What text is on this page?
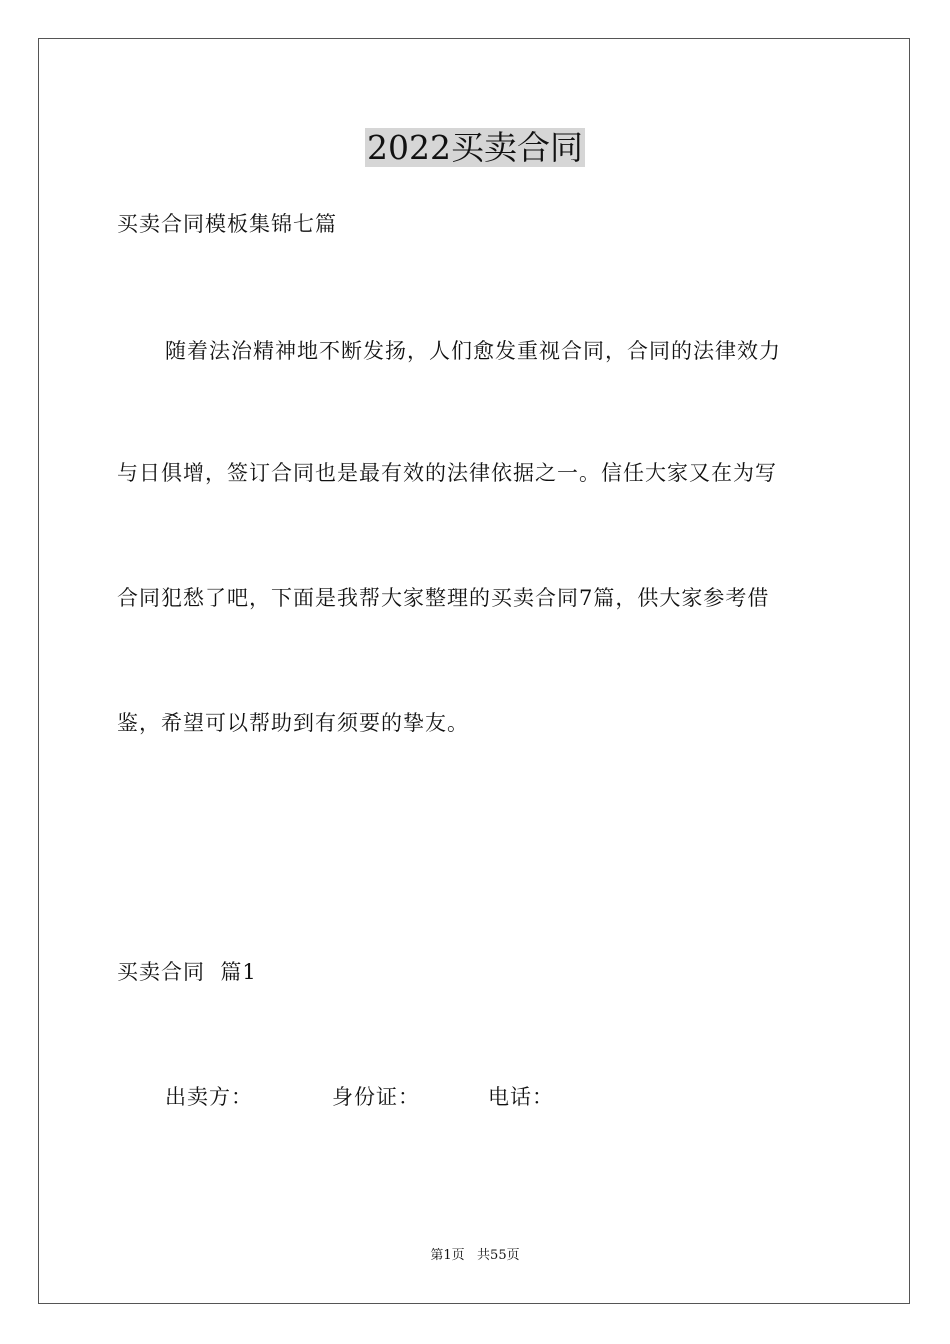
2022买卖合同
买卖合同模板集锦七篇
随着法治精神地不断发扬，人们愈发重视合同，合同的法律效力
与日俱增，签订合同也是最有效的法律依据之一。信任大家又在为写
合同犯愁了吧，下面是我帮大家整理的买卖合同7篇，供大家参考借
鉴，希望可以帮助到有须要的挚友。
买卖合同  篇1
出卖方：	身份证：	电话：
第1页   共55页
